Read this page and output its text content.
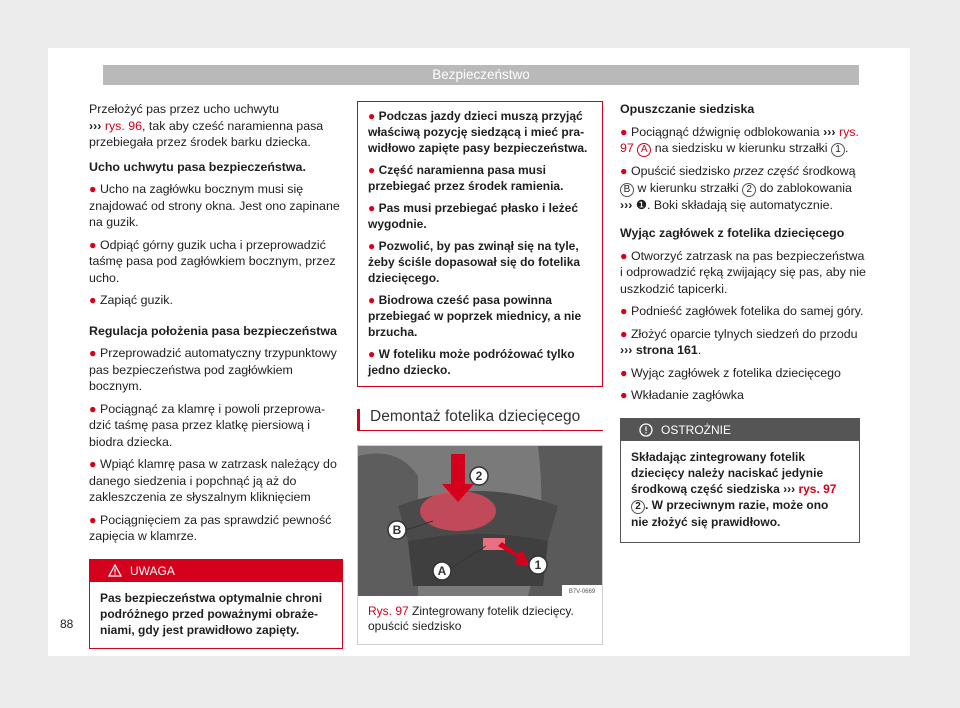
Bezpieczeństwo

Przełożyć pas przez ucho uchwytu
››› rys. 96, tak aby cześć naramienna pasa przebiegała przez środek barku dziecka.

Ucho uchwytu pasa bezpieczeństwa.
● Ucho na zagłówku bocznym musi się znajdować od strony okna. Jest ono zapinane na guzik.
● Odpiąć górny guzik ucha i przeprowadzić taśmę pasa pod zagłówkiem bocznym, przez ucho.
● Zapiąć guzik.
Regulacja położenia pasa bezpieczeństwa
● Przeprowadzić automatyczny trzypunktowy pas bezpieczeństwa pod zagłówkiem bocznym.
● Pociągnąć za klamrę i powoli przeprowadzić taśmę pasa przez klatkę piersiową i biodra dziecka.
● Wpiąć klamrę pasa w zatrzask należący do danego siedzenia i popchnąć ją aż do zakleszczenia ze słyszalnym kliknięciem
● Pociągnięciem za pas sprawdzić pewność zapięcia w klamrze.
UWAGA
Pas bezpieczeństwa optymalnie chroni podróżnego przed poważnymi obrażeniami, gdy jest prawidłowo zapięty.
● Podczas jazdy dzieci muszą przyjąć właściwą pozycję siedzącą i mieć prawidłowo zapięte pasy bezpieczeństwa.
● Część naramienna pasa musi przebiegać przez środek ramienia.
● Pas musi przebiegać płasko i leżeć wygodnie.
● Pozwolić, by pas zwinął się na tyle, żeby ściśle dopasował się do fotelika dziecięcego.
● Biodrowa cześć pasa powinna przebiegać w poprzek miednicy, a nie brzucha.
● W foteliku może podróżować tylko jedno dziecko.
Demontaż fotelika dziecięcego
2
B
A	1
B7V-0669
Rys. 97 Zintegrowany fotelik dziecięcy. opuścić siedzisko
Opuszczanie siedziska
● Pociągnąć dźwignię odblokowania ››› rys. 97 A na siedzisku w kierunku strzałki 1 .
● Opuścić siedzisko przez część środkową B w kierunku strzałki 2 do zablokowania ››› ❶. Boki składają się automatycznie.
Wyjąc zagłówek z fotelika dziecięcego
● Otworzyć zatrzask na pas bezpieczeństwa i odprowadzić ręką zwijający się pas, aby nie uszkodzić tapicerki.
● Podnieść zagłówek fotelika do samej góry.
● Złożyć oparcie tylnych siedzeń do przodu
››› strona 161.
● Wyjąc zagłówek z fotelika dziecięcego
● Wkładanie zagłówka
OSTROŻNIE
Składając zintegrowany fotelik dziecięcy należy naciskać jedynie środkową część siedziska ››› rys. 97 2 . W przeciwnym razie, może ono nie złożyć się prawidłowo.
88
